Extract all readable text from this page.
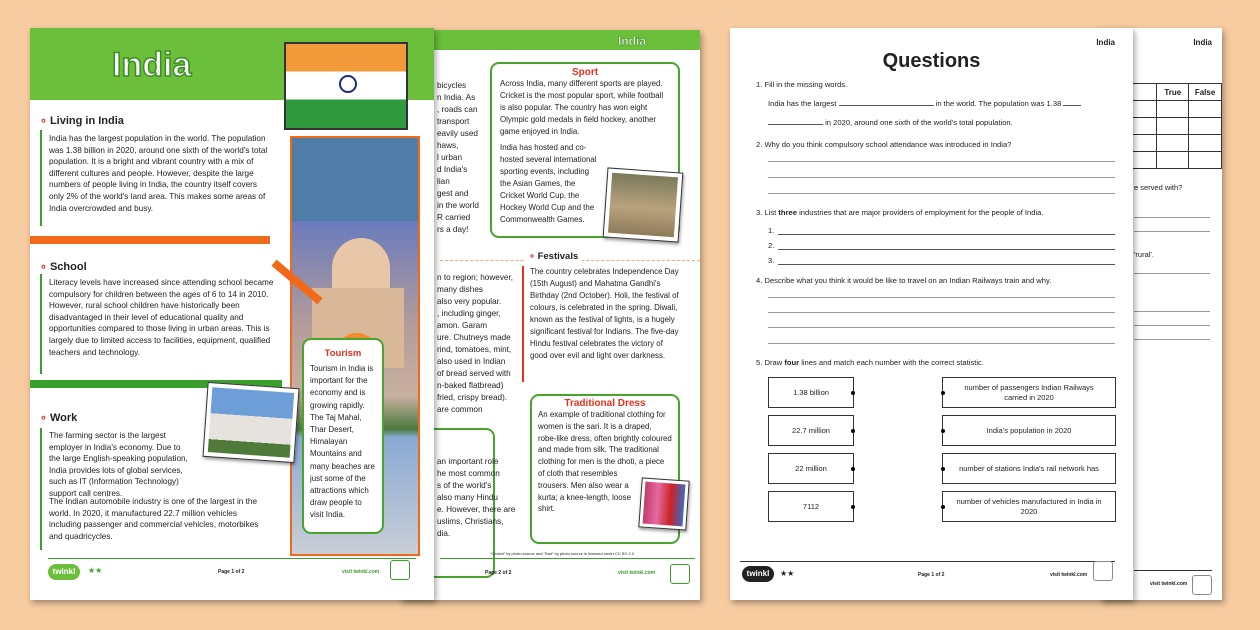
India
	True	False

e served with?
'rural'.
visit twinkl.com
India
Questions
1. Fill in the missing words.
India has the largest	in the world. The population was 1.38
in 2020, around one sixth of the world's total population.
2. Why do you think compulsory school attendance was introduced in India?
3. List three industries that are major providers of employment for the people of India.
1.
2.
3.
4. Describe what you think it would be like to travel on an Indian Railways train and why.
5. Draw four lines and match each number with the correct statistic.
1.38 billion
22.7 million
22 million
7112
number of passengers Indian Railways carried in 2020
India's population in 2020
number of stations India's rail network has
number of vehicles manufactured in India in 2020
twinkl	★★	Page 1 of 2	visit twinkl.com
India
bicycles
n India. As
, roads can
transport
eavily used
haws,
l urban
d India's
lian
gest and
in the world
R carried
rs a day!
n to region; however,
many dishes
also very popular.
, including ginger,
amon. Garam
ure. Chutneys made
rind, tomatoes, mint,
also used in Indian
of bread served with
n-baked flatbread)
fried, crispy bread).
are common
an important role
he most common
s of the world's
also many Hindu
e. However, there are
uslims, Christians,
dia.
Sport
Across India, many different sports are played. Cricket is the most popular sport, while football is also popular. The country has won eight Olympic gold medals in field hockey, another game enjoyed in India.
India has hosted and co-hosted several international sporting events, including the Asian Games, the Cricket World Cup, the Hockey World Cup and the Commonwealth Games.
∘ Festivals
The country celebrates Independence Day (15th August) and Mahatma Gandhi's Birthday (2nd October). Holi, the festival of colours, is celebrated in the spring. Diwali, known as the festival of lights, is a hugely significant festival for Indians. The five-day Hindu festival celebrates the victory of good over evil and light over darkness.
Traditional Dress
An example of traditional clothing for women is the sari. It is a draped, robe-like dress, often brightly coloured and made from silk. The traditional clothing for men is the dhoti, a piece of cloth that resembles trousers. Men also wear a kurta; a knee-length, loose shirt.
“Cricket” by photo source and “Sari” by photo source is licensed under CC BY 2.0
Page 2 of 2	visit twinkl.com
India
∘ Living in India
India has the largest population in the world. The population was 1.38 billion in 2020, around one sixth of the world's total population. It is a bright and vibrant country with a mix of different cultures and people. However, despite the large numbers of people living in India, the country itself covers only 2% of the world's land area. This makes some areas of India overcrowded and busy.
∘ School
Literacy levels have increased since attending school became compulsory for children between the ages of 6 to 14 in 2010. However, rural school children have historically been disadvantaged in their level of educational quality and opportunities compared to those living in urban areas. This is largely due to limited access to facilities, equipment, qualified teachers and technology.
∘ Work
The farming sector is the largest employer in India's economy. Due to the large English-speaking population, India provides lots of global services, such as IT (Information Technology) support call centres.
The Indian automobile industry is one of the largest in the world. In 2020, it manufactured 22.7 million vehicles including passenger and commercial vehicles, motorbikes and quadricycles.
Tourism
Tourism in India is important for the economy and is growing rapidly. The Taj Mahal, Thar Desert, Himalayan Mountains and many beaches are just some of the attractions which draw people to visit India.
twinkl	★★	Page 1 of 2	visit twinkl.com
